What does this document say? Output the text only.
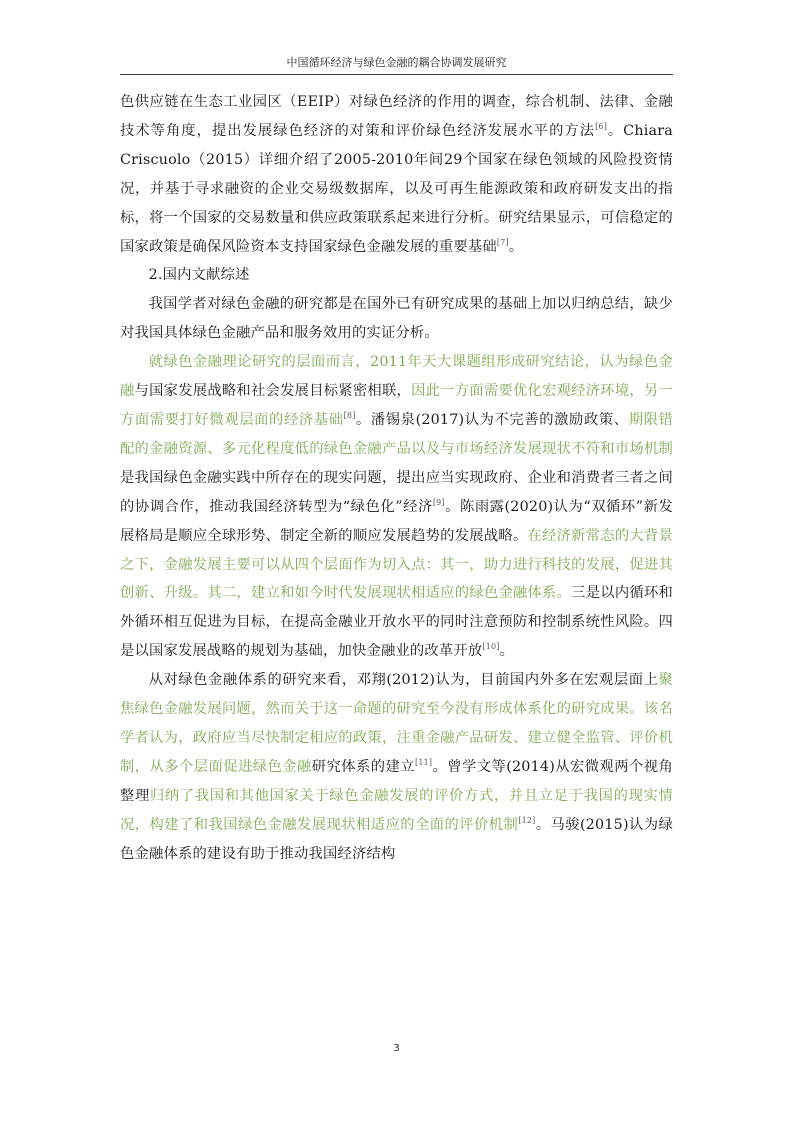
中国循环经济与绿色金融的耦合协调发展研究

色供应链在生态工业园区（EEIP）对绿色经济的作用的调查，综合机制、法律、金融技术等角度，提出发展绿色经济的对策和评价绿色经济发展水平的方法[6]。Chiara Criscuolo（2015）详细介绍了2005-2010年间29个国家在绿色领域的风险投资情况，并基于寻求融资的企业交易级数据库，以及可再生能源政策和政府研发支出的指标，将一个国家的交易数量和供应政策联系起来进行分析。研究结果显示，可信稳定的国家政策是确保风险资本支持国家绿色金融发展的重要基础[7]。

2.国内文献综述

我国学者对绿色金融的研究都是在国外已有研究成果的基础上加以归纳总结，缺少对我国具体绿色金融产品和服务效用的实证分析。

就绿色金融理论研究的层面而言，2011年天大课题组形成研究结论，认为绿色金融与国家发展战略和社会发展目标紧密相联，因此一方面需要优化宏观经济环境，另一方面需要打好微观层面的经济基础[8]。潘锡泉(2017)认为不完善的激励政策、期限错配的金融资源、多元化程度低的绿色金融产品以及与市场经济发展现状不符和市场机制是我国绿色金融实践中所存在的现实问题，提出应当实现政府、企业和消费者三者之间的协调合作，推动我国经济转型为“绿色化”经济[9]。陈雨露(2020)认为“双循环”新发展格局是顺应全球形势、制定全新的顺应发展趋势的发展战略。在经济新常态的大背景之下，金融发展主要可以从四个层面作为切入点：其一，助力进行科技的发展，促进其创新、升级。其二，建立和如今时代发展现状相适应的绿色金融体系。三是以内循环和外循环相互促进为目标，在提高金融业开放水平的同时注意预防和控制系统性风险。四是以国家发展战略的规划为基础，加快金融业的改革开放[10]。

从对绿色金融体系的研究来看，邓翔(2012)认为，目前国内外多在宏观层面上聚焦绿色金融发展问题，然而关于这一命题的研究至今没有形成体系化的研究成果。该名学者认为，政府应当尽快制定相应的政策，注重金融产品研发、建立健全监管、评价机制，从多个层面促进绿色金融研究体系的建立[11]。曾学文等(2014)从宏微观两个视角整理归纳了我国和其他国家关于绿色金融发展的评价方式，并且立足于我国的现实情况，构建了和我国绿色金融发展现状相适应的全面的评价机制[12]。马骏(2015)认为绿色金融体系的建设有助于推动我国经济结构

3
